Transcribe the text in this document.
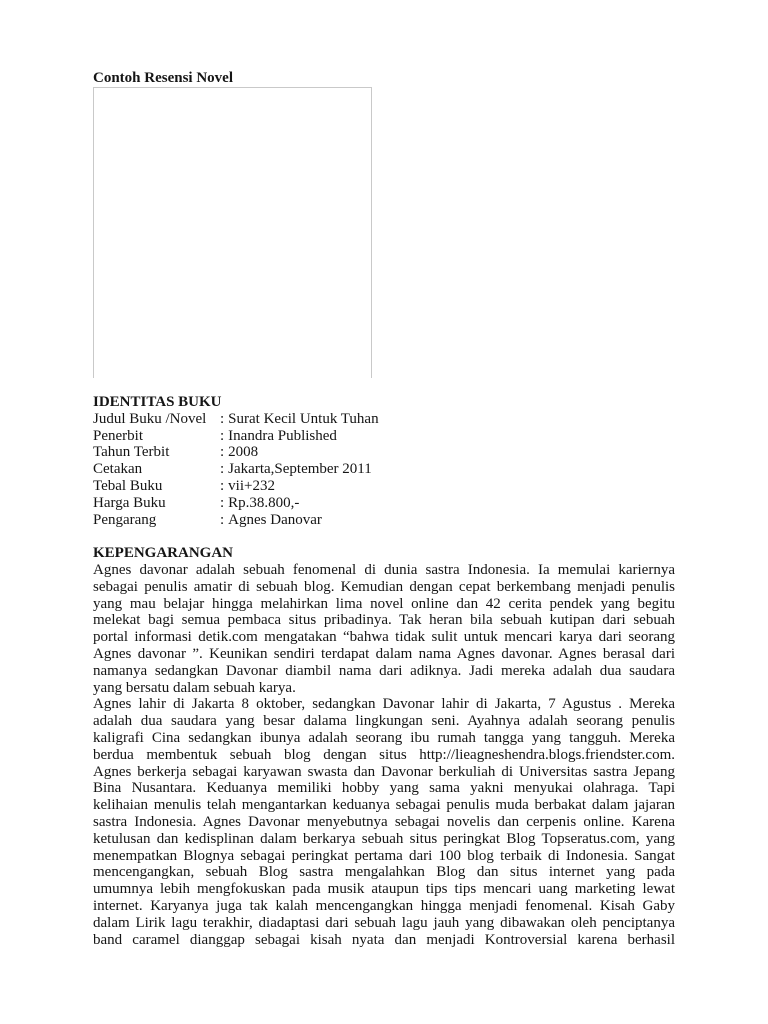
Contoh Resensi Novel
IDENTITAS BUKU
Judul Buku /Novel : Surat Kecil Untuk Tuhan
Penerbit	: Inandra Published
Tahun Terbit	: 2008
Cetakan	: Jakarta,September 2011
Tebal Buku	: vii+232
Harga Buku	: Rp.38.800,-
Pengarang	: Agnes Danovar
KEPENGARANGAN
Agnes davonar adalah sebuah fenomenal di dunia sastra Indonesia. Ia memulai kariernya
sebagai penulis amatir di sebuah blog. Kemudian dengan cepat berkembang menjadi penulis
yang mau belajar hingga melahirkan lima novel online dan 42 cerita pendek yang begitu
melekat bagi semua pembaca situs pribadinya. Tak heran bila sebuah kutipan dari sebuah
portal informasi detik.com mengatakan “bahwa tidak sulit untuk mencari karya dari seorang
Agnes davonar ”. Keunikan sendiri terdapat dalam nama Agnes davonar. Agnes berasal dari
namanya sedangkan Davonar diambil nama dari adiknya. Jadi mereka adalah dua saudara
yang bersatu dalam sebuah karya.
Agnes lahir di Jakarta 8 oktober, sedangkan Davonar lahir di Jakarta, 7 Agustus . Mereka
adalah dua saudara yang besar dalama lingkungan seni. Ayahnya adalah seorang penulis
kaligrafi Cina sedangkan ibunya adalah seorang ibu rumah tangga yang tangguh. Mereka
berdua membentuk sebuah blog dengan situs http://lieagneshendra.blogs.friendster.com.
Agnes berkerja sebagai karyawan swasta dan Davonar berkuliah di Universitas sastra Jepang
Bina Nusantara. Keduanya memiliki hobby yang sama yakni menyukai olahraga. Tapi
kelihaian menulis telah mengantarkan keduanya sebagai penulis muda berbakat dalam jajaran
sastra Indonesia. Agnes Davonar menyebutnya sebagai novelis dan cerpenis online. Karena
ketulusan dan kedisplinan dalam berkarya sebuah situs peringkat Blog Topseratus.com, yang
menempatkan Blognya sebagai peringkat pertama dari 100 blog terbaik di Indonesia. Sangat
mencengangkan, sebuah Blog sastra mengalahkan Blog dan situs internet yang pada
umumnya lebih mengfokuskan pada musik ataupun tips tips mencari uang marketing lewat
internet. Karyanya juga tak kalah mencengangkan hingga menjadi fenomenal. Kisah Gaby
dalam Lirik lagu terakhir, diadaptasi dari sebuah lagu jauh yang dibawakan oleh penciptanya
band caramel dianggap sebagai kisah nyata dan menjadi Kontroversial karena berhasil
